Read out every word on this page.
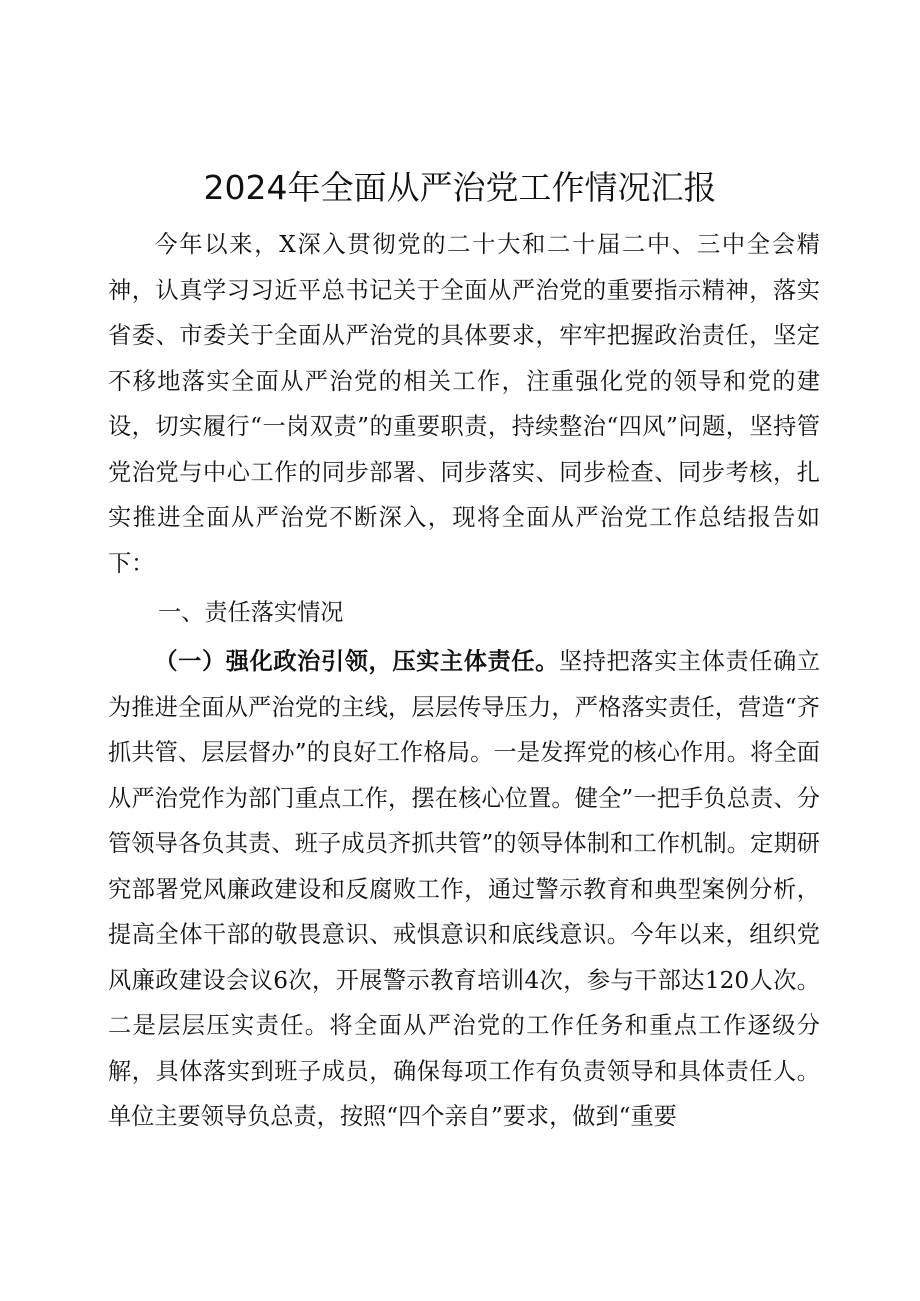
2024年全面从严治党工作情况汇报

今年以来，X深入贯彻党的二十大和二十届二中、三中全会精神，认真学习习近平总书记关于全面从严治党的重要指示精神，落实省委、市委关于全面从严治党的具体要求，牢牢把握政治责任，坚定不移地落实全面从严治党的相关工作，注重强化党的领导和党的建设，切实履行“一岗双责”的重要职责，持续整治“四风”问题，坚持管党治党与中心工作的同步部署、同步落实、同步检查、同步考核，扎实推进全面从严治党不断深入，现将全面从严治党工作总结报告如下：

一、责任落实情况

（一）强化政治引领，压实主体责任。坚持把落实主体责任确立为推进全面从严治党的主线，层层传导压力，严格落实责任，营造“齐抓共管、层层督办”的良好工作格局。一是发挥党的核心作用。将全面从严治党作为部门重点工作，摆在核心位置。健全”一把手负总责、分管领导各负其责、班子成员齐抓共管”的领导体制和工作机制。定期研究部署党风廉政建设和反腐败工作，通过警示教育和典型案例分析，提高全体干部的敬畏意识、戒惧意识和底线意识。今年以来，组织党风廉政建设会议6次，开展警示教育培训4次，参与干部达120人次。二是层层压实责任。将全面从严治党的工作任务和重点工作逐级分解，具体落实到班子成员，确保每项工作有负责领导和具体责任人。单位主要领导负总责，按照“四个亲自”要求，做到“重要
